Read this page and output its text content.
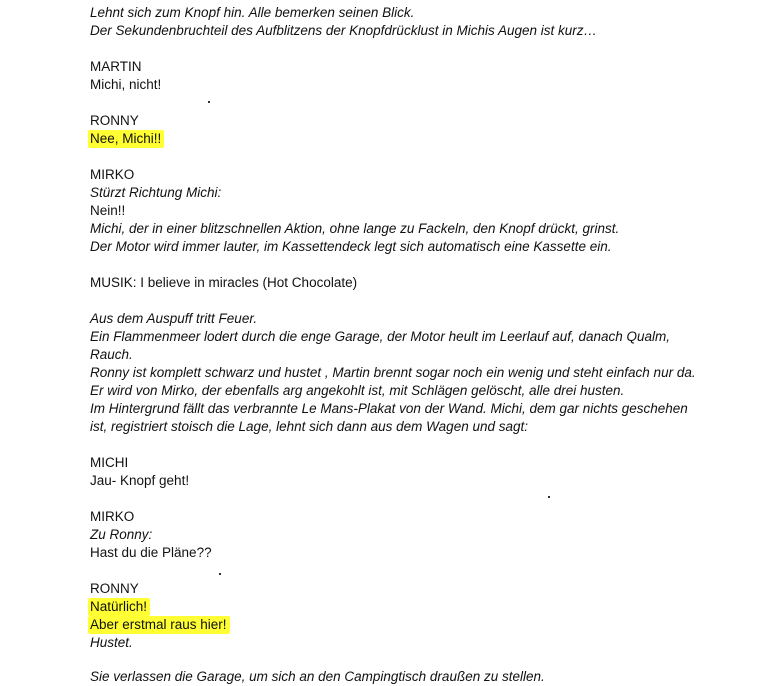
Lehnt sich zum Knopf hin. Alle bemerken seinen Blick.
Der Sekundenbruchteil des Aufblitzens der Knopfdrücklust in Michis Augen ist kurz…
MARTIN
Michi, nicht!
RONNY
Nee, Michi!!
MIRKO
Stürzt Richtung Michi:
Nein!!
Michi, der in einer blitzschnellen Aktion, ohne lange zu Fackeln, den Knopf drückt, grinst.
Der Motor wird immer lauter, im Kassettendeck legt sich automatisch eine Kassette ein.
MUSIK: I believe in miracles (Hot Chocolate)
Aus dem Auspuff tritt Feuer.
Ein Flammenmeer lodert durch die enge Garage, der Motor heult im Leerlauf auf, danach Qualm,
Rauch.
Ronny ist komplett schwarz und hustet , Martin brennt sogar noch ein wenig und steht einfach nur da.
Er wird von Mirko, der ebenfalls arg angekohlt ist, mit Schlägen gelöscht, alle drei husten.
Im Hintergrund fällt das verbrannte Le Mans-Plakat von der Wand. Michi, dem gar nichts geschehen
ist, registriert stoisch die Lage, lehnt sich dann aus dem Wagen und sagt:
MICHI
Jau- Knopf geht!
MIRKO
Zu Ronny:
Hast du die Pläne??
RONNY
Natürlich!
Aber erstmal raus hier!
Hustet.
Sie verlassen die Garage, um sich an den Campingtisch draußen zu stellen.
